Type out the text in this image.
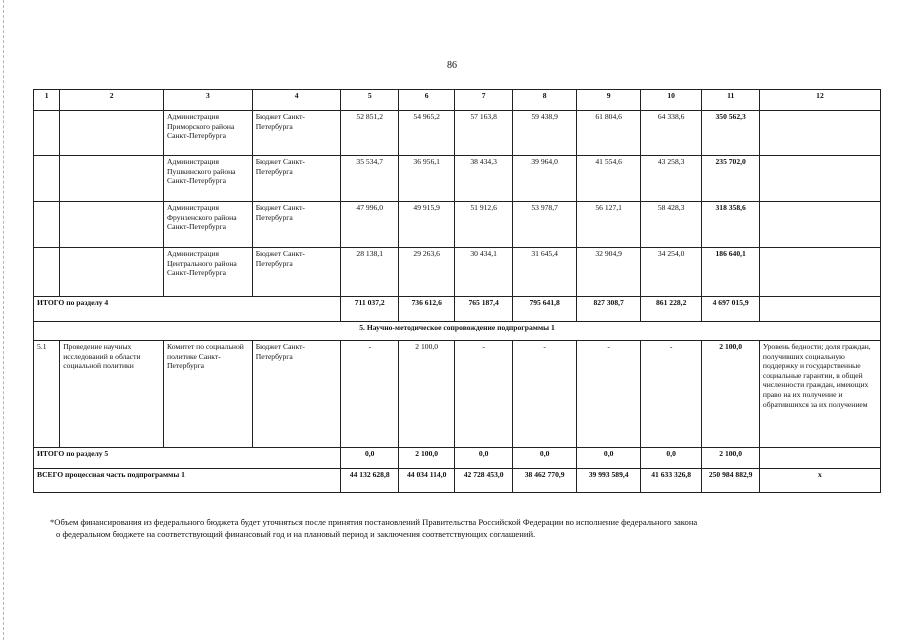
86
1	2	3	4	5	6	7	8	9	10	11	12
		Администрация Приморского района Санкт-Петербурга	Бюджет Санкт-Петербурга	52 851,2	54 965,2	57 163,8	59 438,9	61 804,6	64 338,6	350 562,3	
		Администрация Пушкинского района Санкт-Петербурга	Бюджет Санкт-Петербурга	35 534,7	36 956,1	38 434,3	39 964,0	41 554,6	43 258,3	235 702,0	
		Администрация Фрунзенского района Санкт-Петербурга	Бюджет Санкт-Петербурга	47 996,0	49 915,9	51 912,6	53 978,7	56 127,1	58 428,3	318 358,6	
		Администрация Центрального района Санкт-Петербурга	Бюджет Санкт-Петербурга	28 138,1	29 263,6	30 434,1	31 645,4	32 904,9	34 254,0	186 640,1	
ИТОГО по разделу 4				711 037,2	736 612,6	765 187,4	795 641,8	827 308,7	861 228,2	4 697 015,9	
5. Научно-методическое сопровождение подпрограммы 1											
5.1	Проведение научных исследований в области социальной политики	Комитет по социальной политике Санкт-Петербурга	Бюджет Санкт-Петербурга	-	2 100,0	-	-	-	-	2 100,0	Уровень бедности; доля граждан, получивших социальную поддержку и государственные социальные гарантии, в общей численности граждан, имеющих право на их получение и обратившихся за их получением
ИТОГО по разделу 5				0,0	2 100,0	0,0	0,0	0,0	0,0	2 100,0	
ВСЕГО процессная часть подпрограммы 1				44 132 628,8	44 034 114,0	42 728 453,0	38 462 770,9	39 993 589,4	41 633 326,8	250 984 882,9	х
*Объем финансирования из федерального бюджета будет уточняться после принятия постановлений Правительства Российской Федерации во исполнение федерального закона
о федеральном бюджете на соответствующий финансовый год и на плановый период и заключения соответствующих соглашений.
